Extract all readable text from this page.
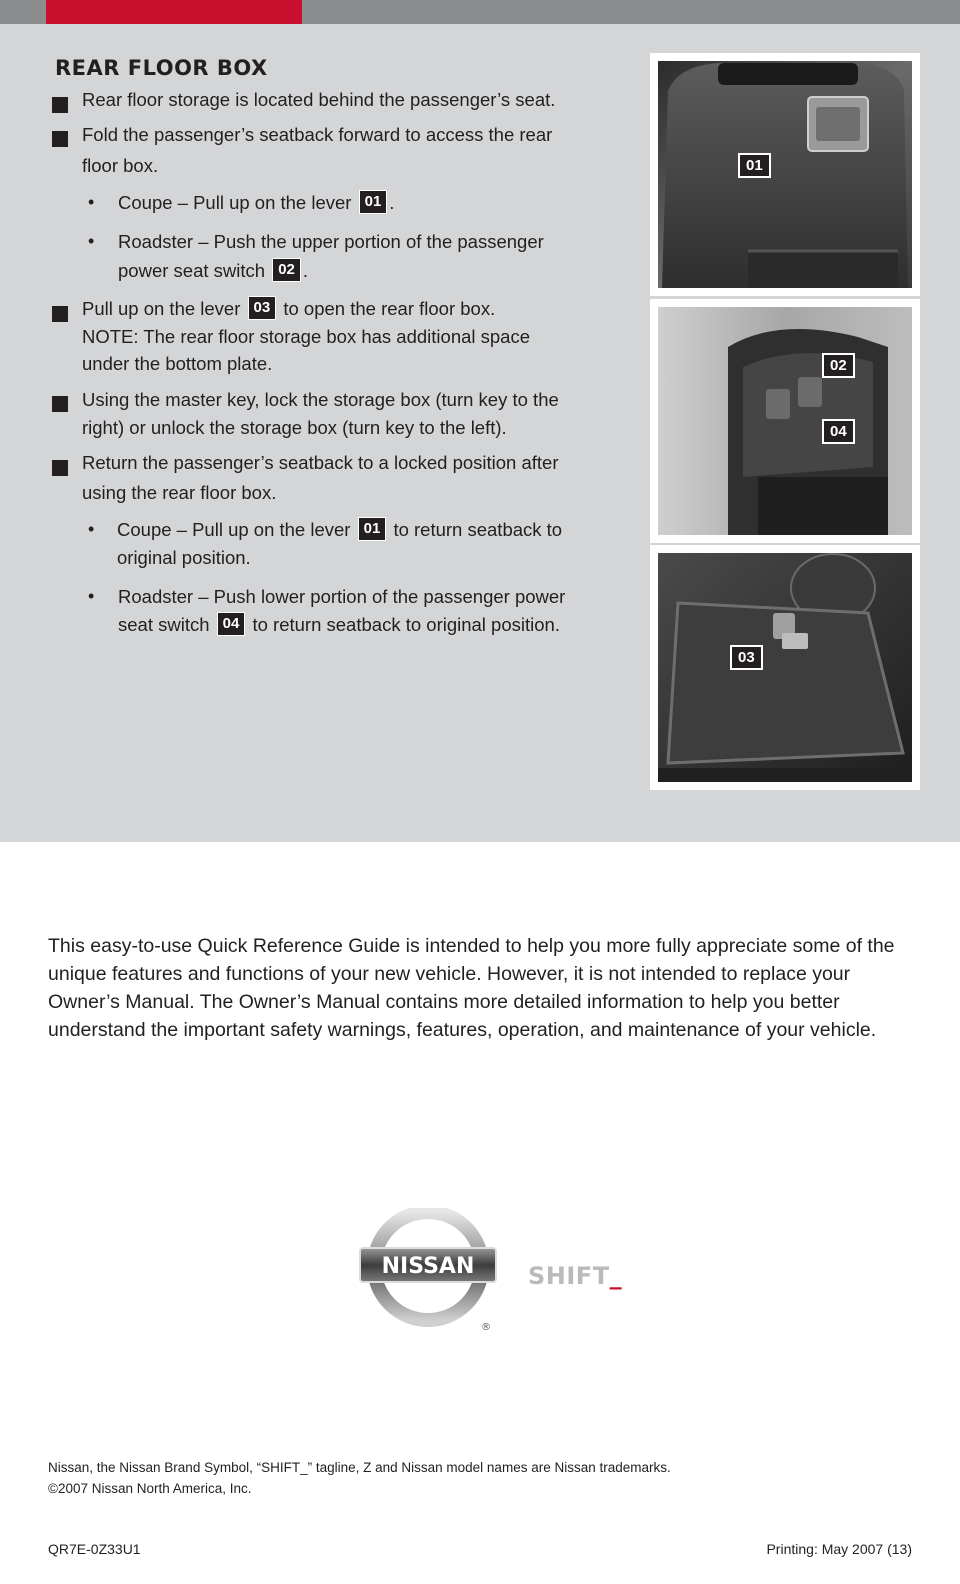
REAR FLOOR BOX
Rear floor storage is located behind the passenger’s seat.
Fold the passenger’s seatback forward to access the rear
floor box.
• Coupe – Pull up on the lever 01 .
• Roadster – Push the upper portion of the passenger
power seat switch 02 .
Pull up on the lever 03 to open the rear floor box.
NOTE: The rear floor storage box has additional space
under the bottom plate.
Using the master key, lock the storage box (turn key to the
right) or unlock the storage box (turn key to the left).
Return the passenger’s seatback to a locked position after
using the rear floor box.
• Coupe – Pull up on the lever 01 to return seatback to
original position.
• Roadster – Push lower portion of the passenger power
seat switch 04 to return seatback to original position.
01
02
04
03

This easy-to-use Quick Reference Guide is intended to help you more fully appreciate some of the unique features and functions of your new vehicle. However, it is not intended to replace your Owner’s Manual. The Owner’s Manual contains more detailed information to help you better understand the important safety warnings, features, operation, and maintenance of your vehicle.

NISSAN
®
SHIFT_
Nissan, the Nissan Brand Symbol, “SHIFT_” tagline, Z and Nissan model names are Nissan trademarks.
©2007 Nissan North America, Inc.
QR7E-0Z33U1	Printing: May 2007 (13)
